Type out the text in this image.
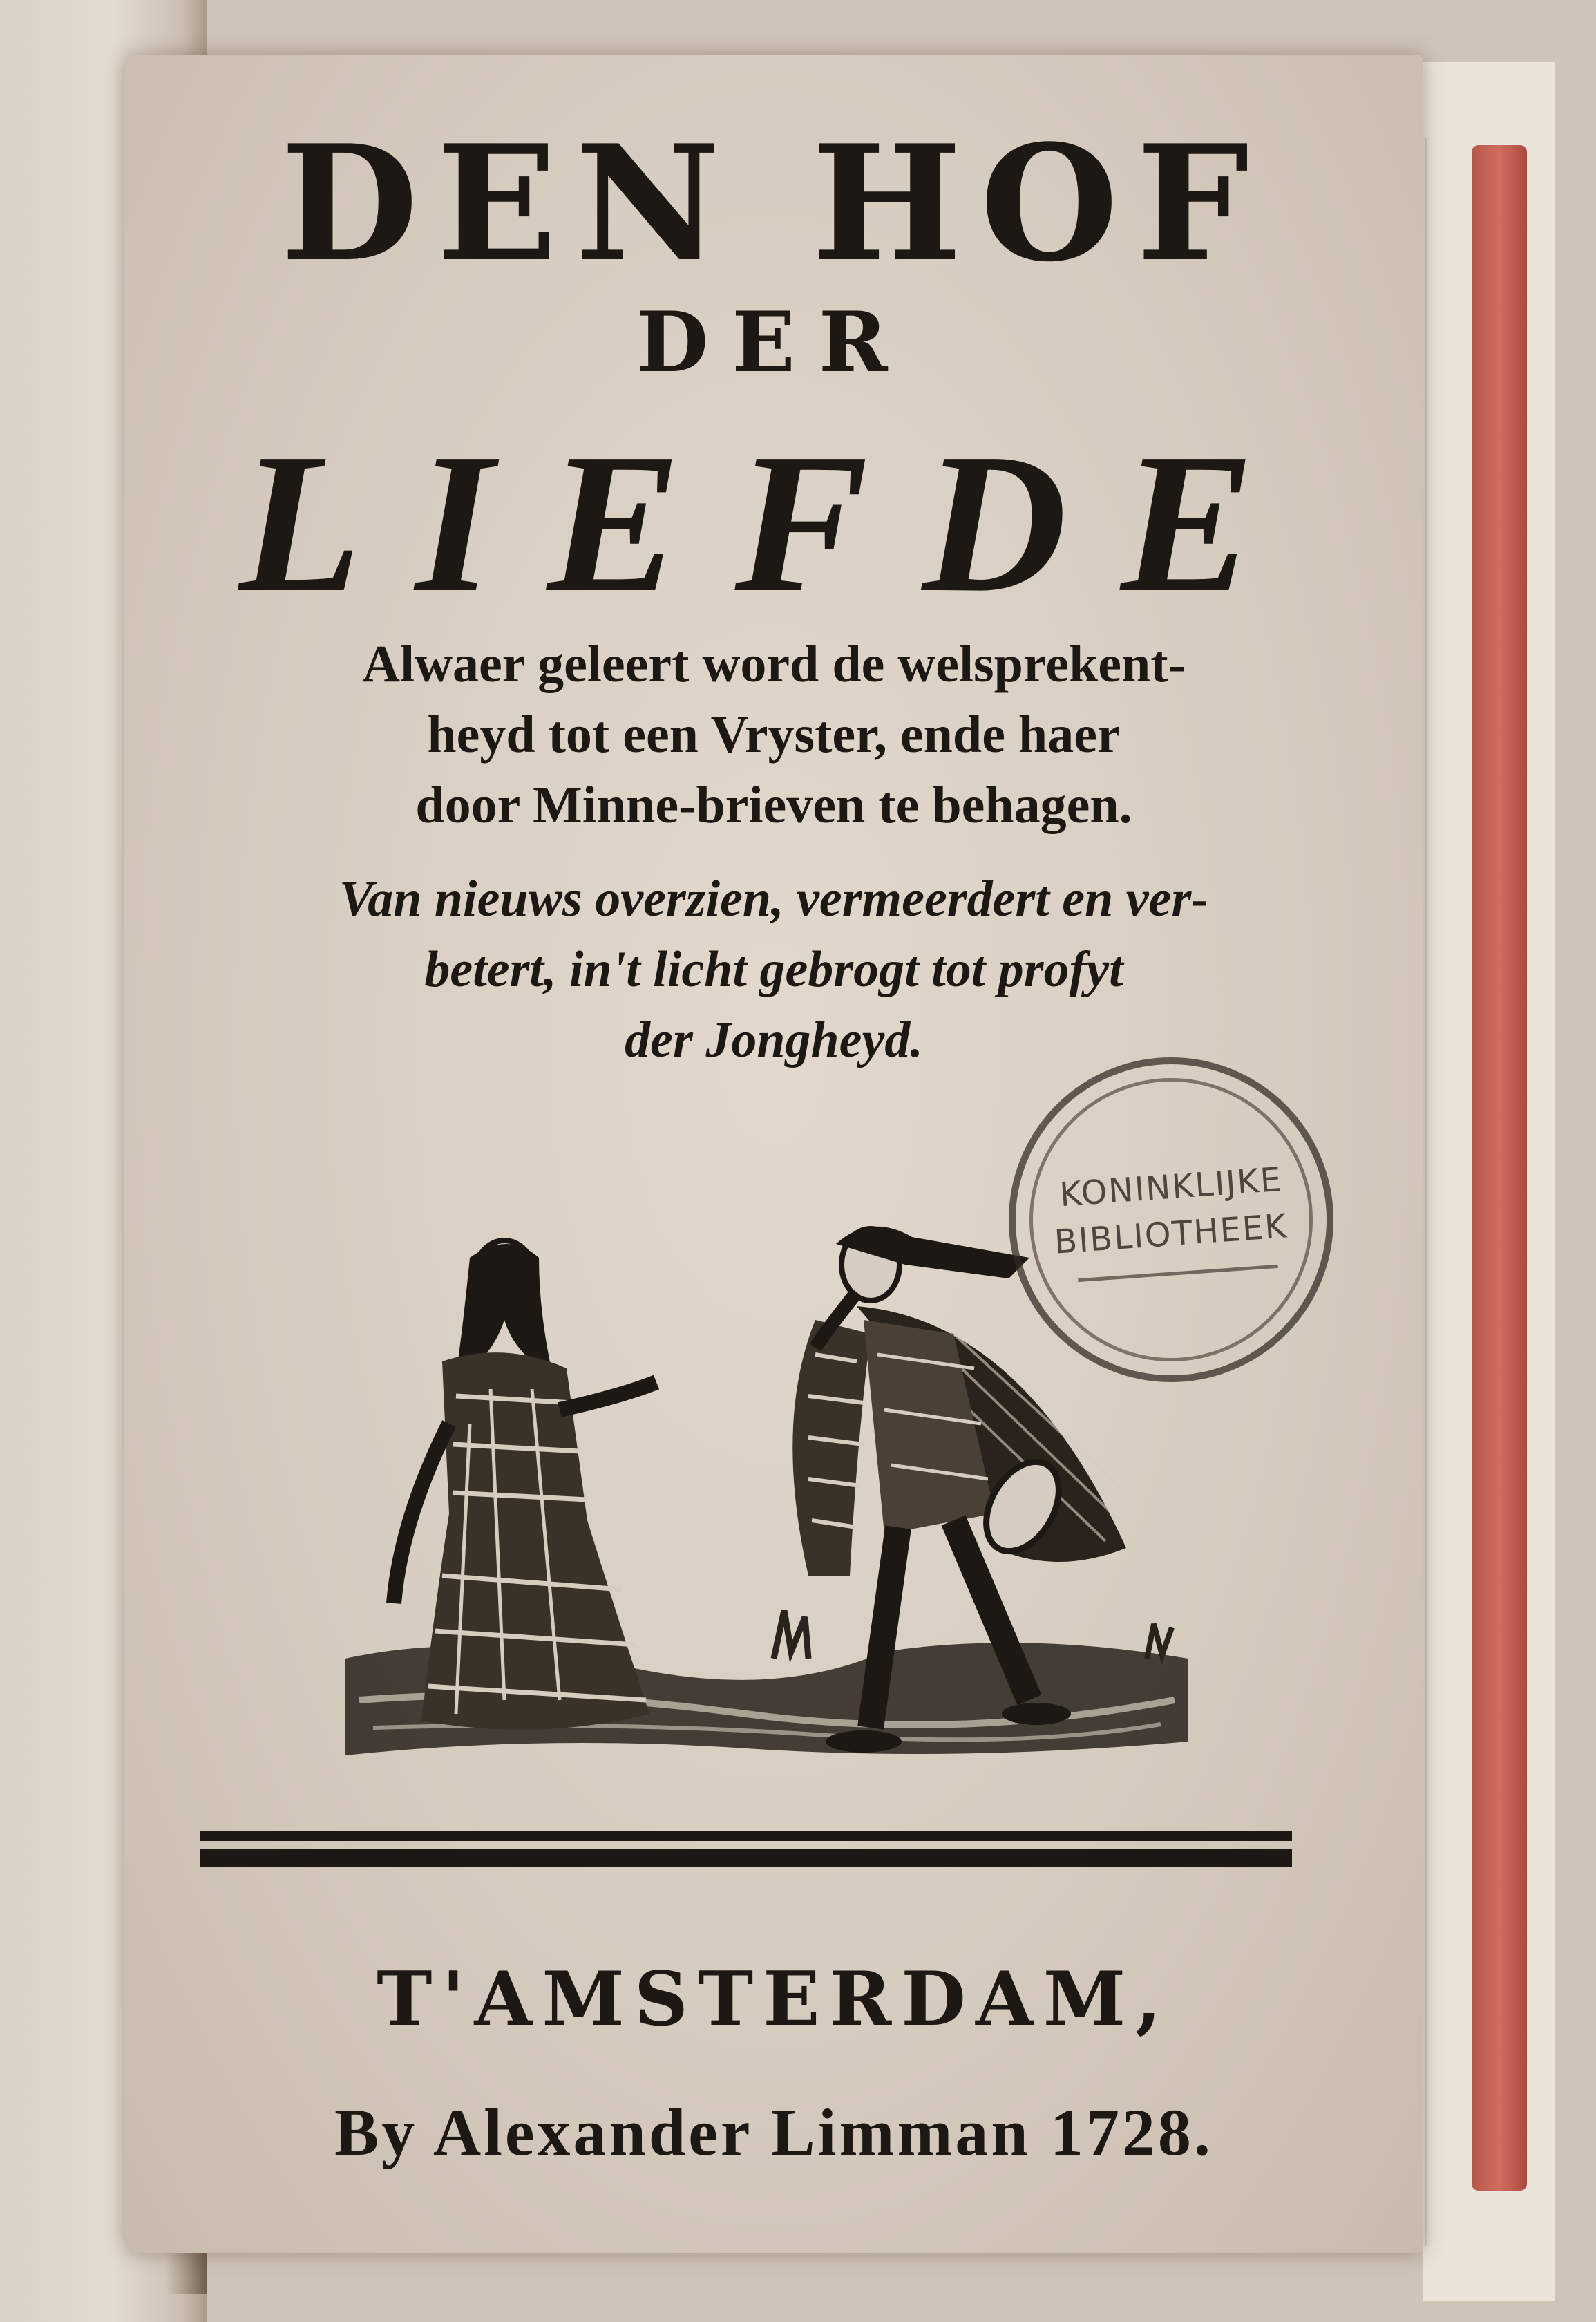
DEN HOF
DER
LIEFDE
Alwaer geleert word de welsprekent-
heyd tot een Vryster, ende haer
door Minne-brieven te behagen.
Van nieuws overzien, vermeerdert en ver-
betert, in't licht gebrogt tot profyt
der Jongheyd.
KONINKLIJKE
BIBLIOTHEEK
T'AMSTERDAM,
By Alexander Limman 1728.
